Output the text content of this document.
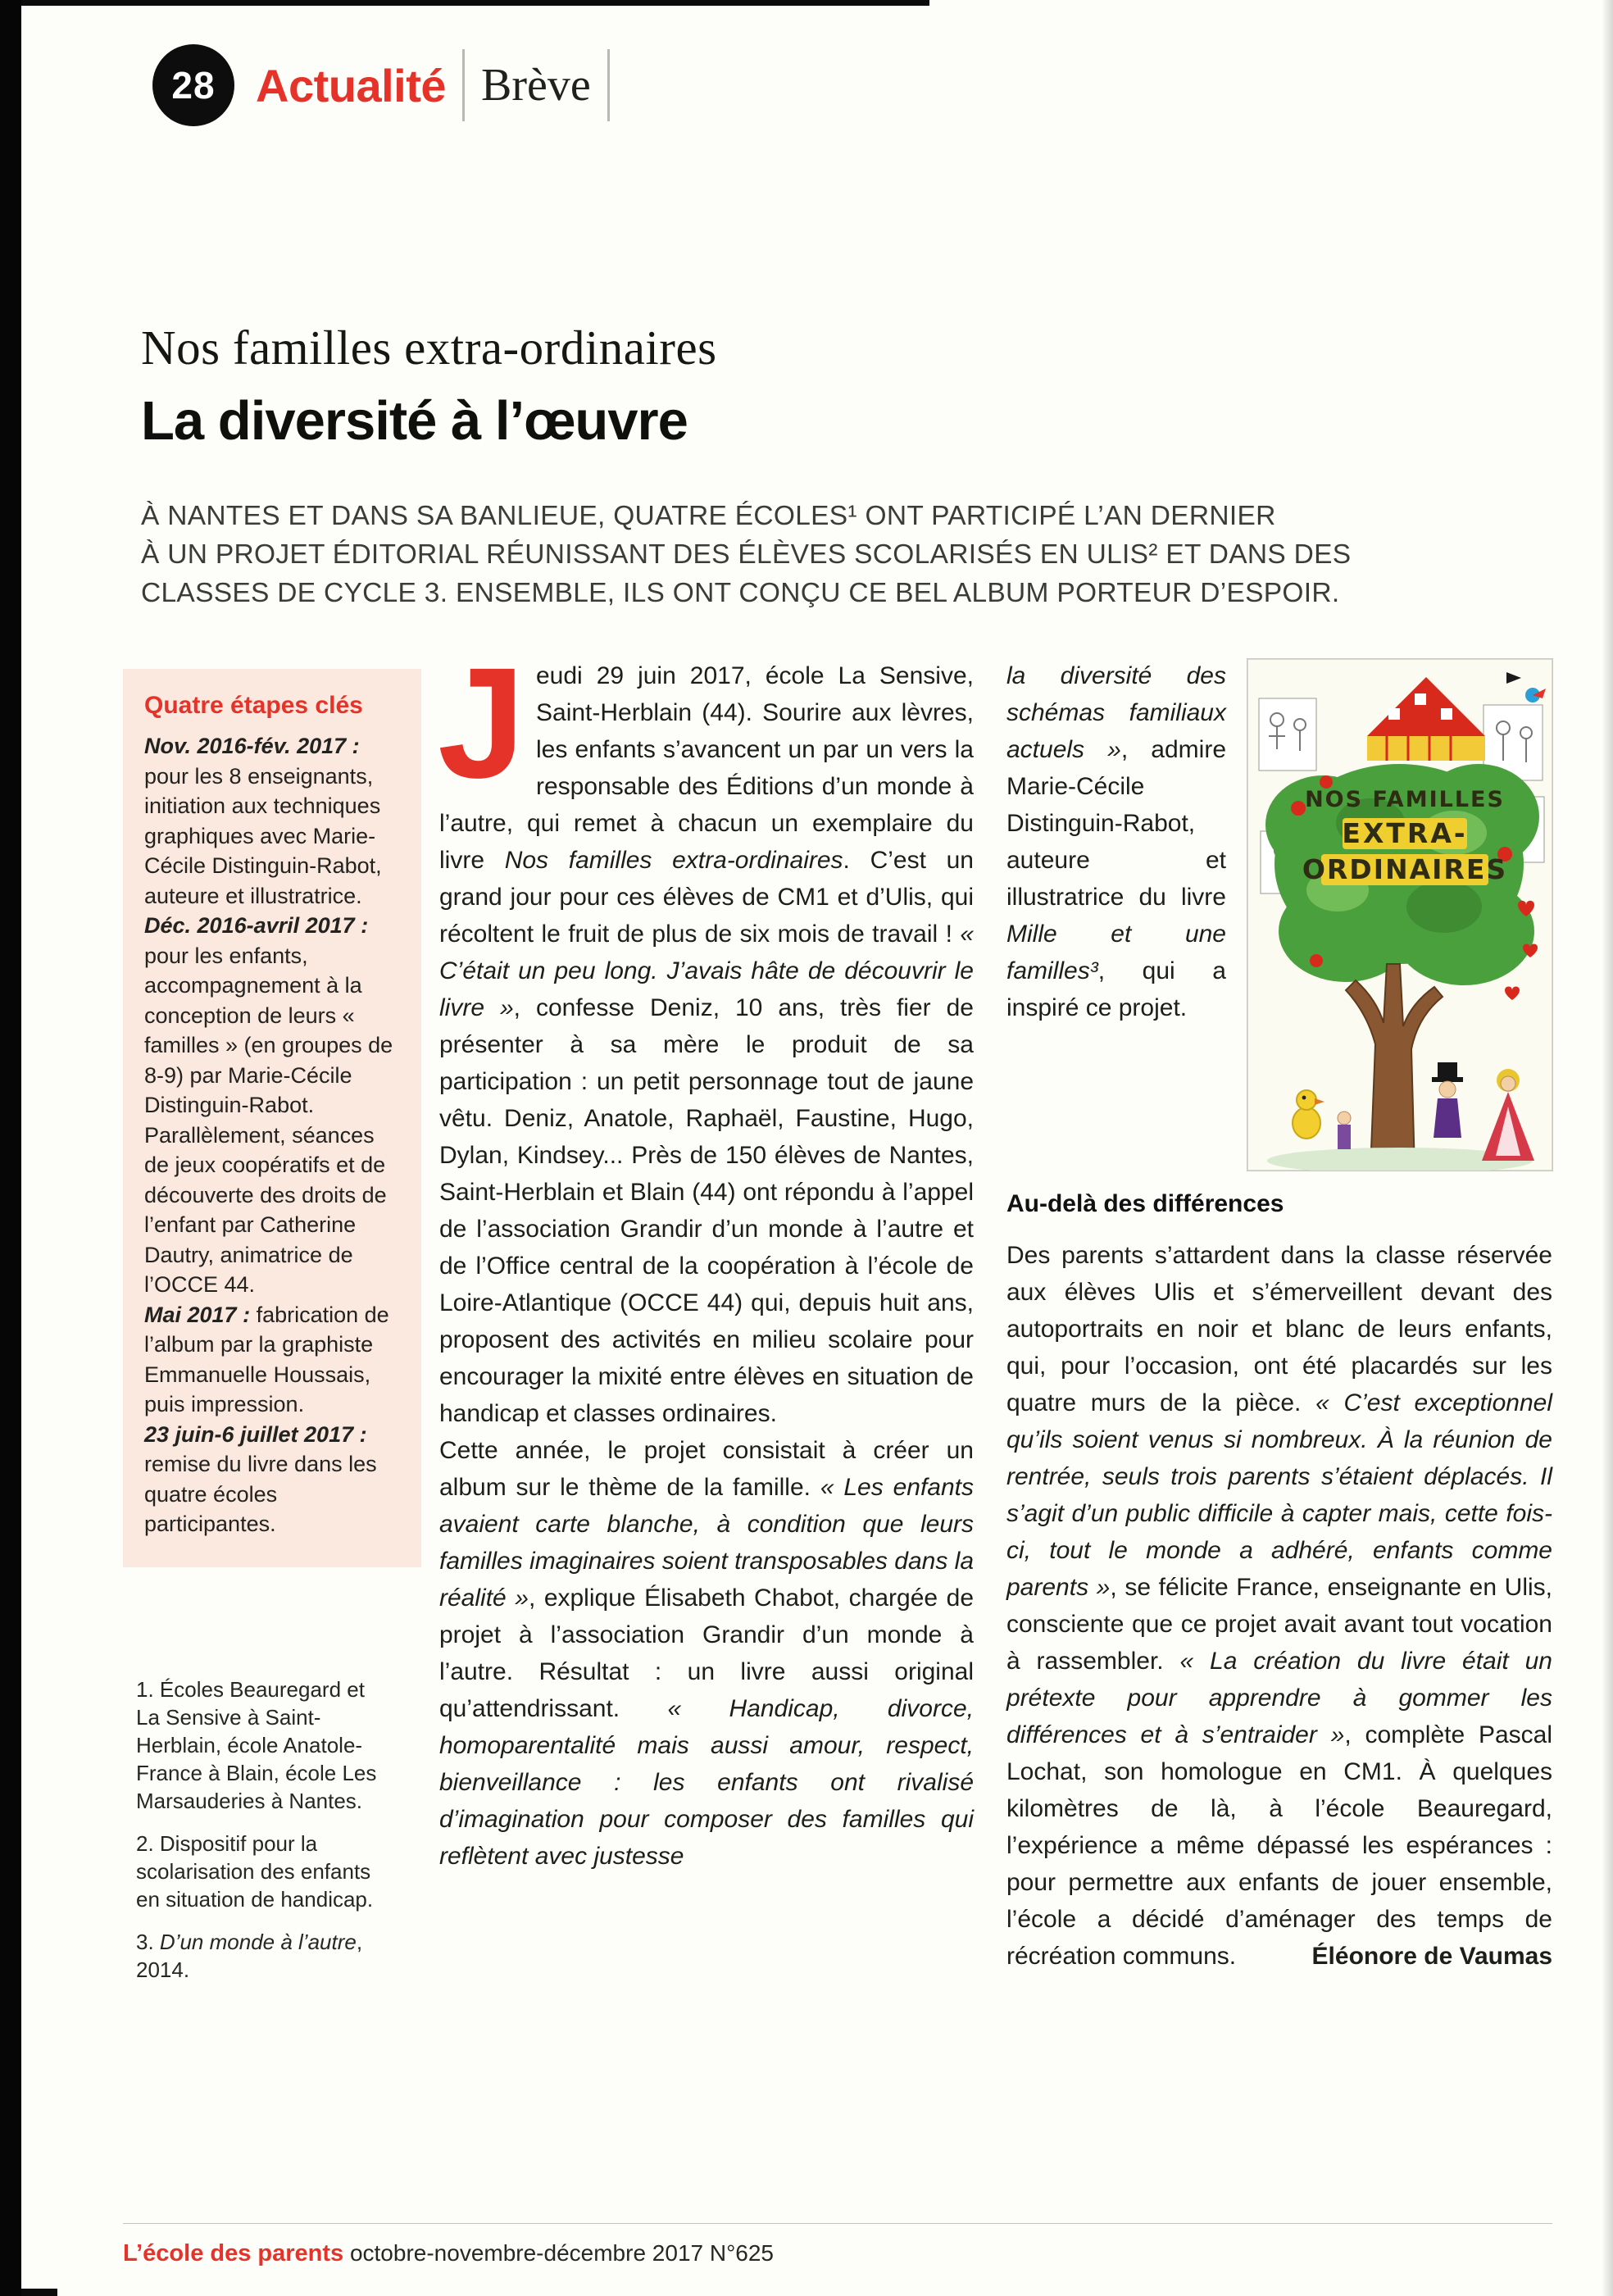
28 Actualité Brève
Nos familles extra-ordinaires
La diversité à l’œuvre
À NANTES ET DANS SA BANLIEUE, QUATRE ÉCOLES¹ ONT PARTICIPÉ L’AN DERNIER
À UN PROJET ÉDITORIAL RÉUNISSANT DES ÉLÈVES SCOLARISÉS EN ULIS² ET DANS DES
CLASSES DE CYCLE 3. ENSEMBLE, ILS ONT CONÇU CE BEL ALBUM PORTEUR D’ESPOIR.
Quatre étapes clés

Nov. 2016-fév. 2017 : pour les 8 enseignants, initiation aux techniques graphiques avec Marie-Cécile Distinguin-Rabot, auteure et illustratrice.

Déc. 2016-avril 2017 : pour les enfants, accompagnement à la conception de leurs « familles » (en groupes de 8-9) par Marie-Cécile Distinguin-Rabot. Parallèlement, séances de jeux coopératifs et de découverte des droits de l’enfant par Catherine Dautry, animatrice de l’OCCE 44.

Mai 2017 : fabrication de l’album par la graphiste Emmanuelle Houssais, puis impression.

23 juin-6 juillet 2017 : remise du livre dans les quatre écoles participantes.

1. Écoles Beauregard et La Sensive à Saint-Herblain, école Anatole-France à Blain, école Les Marsauderies à Nantes.

2. Dispositif pour la scolarisation des enfants en situation de handicap.

3. D’un monde à l’autre, 2014.

J eudi 29 juin 2017, école La Sensive, Saint-Herblain (44). Sourire aux lèvres, les enfants s’avancent un par un vers la responsable des Éditions d’un monde à l’autre, qui remet à chacun un exemplaire du livre Nos familles extra-ordinaires. C’est un grand jour pour ces élèves de CM1 et d’Ulis, qui récoltent le fruit de plus de six mois de travail ! « C’était un peu long. J’avais hâte de découvrir le livre », confesse Deniz, 10 ans, très fier de présenter à sa mère le produit de sa participation : un petit personnage tout de jaune vêtu. Deniz, Anatole, Raphaël, Faustine, Hugo, Dylan, Kindsey... Près de 150 élèves de Nantes, Saint-Herblain et Blain (44) ont répondu à l’appel de l’association Grandir d’un monde à l’autre et de l’Office central de la coopération à l’école de Loire-Atlantique (OCCE 44) qui, depuis huit ans, proposent des activités en milieu scolaire pour encourager la mixité entre élèves en situation de handicap et classes ordinaires.

Cette année, le projet consistait à créer un album sur le thème de la famille. « Les enfants avaient carte blanche, à condition que leurs familles imaginaires soient transposables dans la réalité », explique Élisabeth Chabot, chargée de projet à l’association Grandir d’un monde à l’autre. Résultat : un livre aussi original qu’attendrissant. « Handicap, divorce, homoparentalité mais aussi amour, respect, bienveillance : les enfants ont rivalisé d’imagination pour composer des familles qui reflètent avec justesse

NOS FAMILLES
EXTRA-
ORDINAIRES

la diversité des schémas familiaux actuels », admire Marie-Cécile Distinguin-Rabot, auteure et illustratrice du livre Mille et une familles³, qui a inspiré ce projet.

Au-delà des différences

Des parents s’attardent dans la classe réservée aux élèves Ulis et s’émerveillent devant des autoportraits en noir et blanc de leurs enfants, qui, pour l’occasion, ont été placardés sur les quatre murs de la pièce. « C’est exceptionnel qu’ils soient venus si nombreux. À la réunion de rentrée, seuls trois parents s’étaient déplacés. Il s’agit d’un public difficile à capter mais, cette fois-ci, tout le monde a adhéré, enfants comme parents », se félicite France, enseignante en Ulis, consciente que ce projet avait avant tout vocation à rassembler. « La création du livre était un prétexte pour apprendre à gommer les différences et à s’entraider », complète Pascal Lochat, son homologue en CM1. À quelques kilomètres de là, à l’école Beauregard, l’expérience a même dépassé les espérances : pour permettre aux enfants de jouer ensemble, l’école a décidé d’aménager des temps de récréation communs.	Éléonore de Vaumas
L’école des parents octobre-novembre-décembre 2017 N°625
